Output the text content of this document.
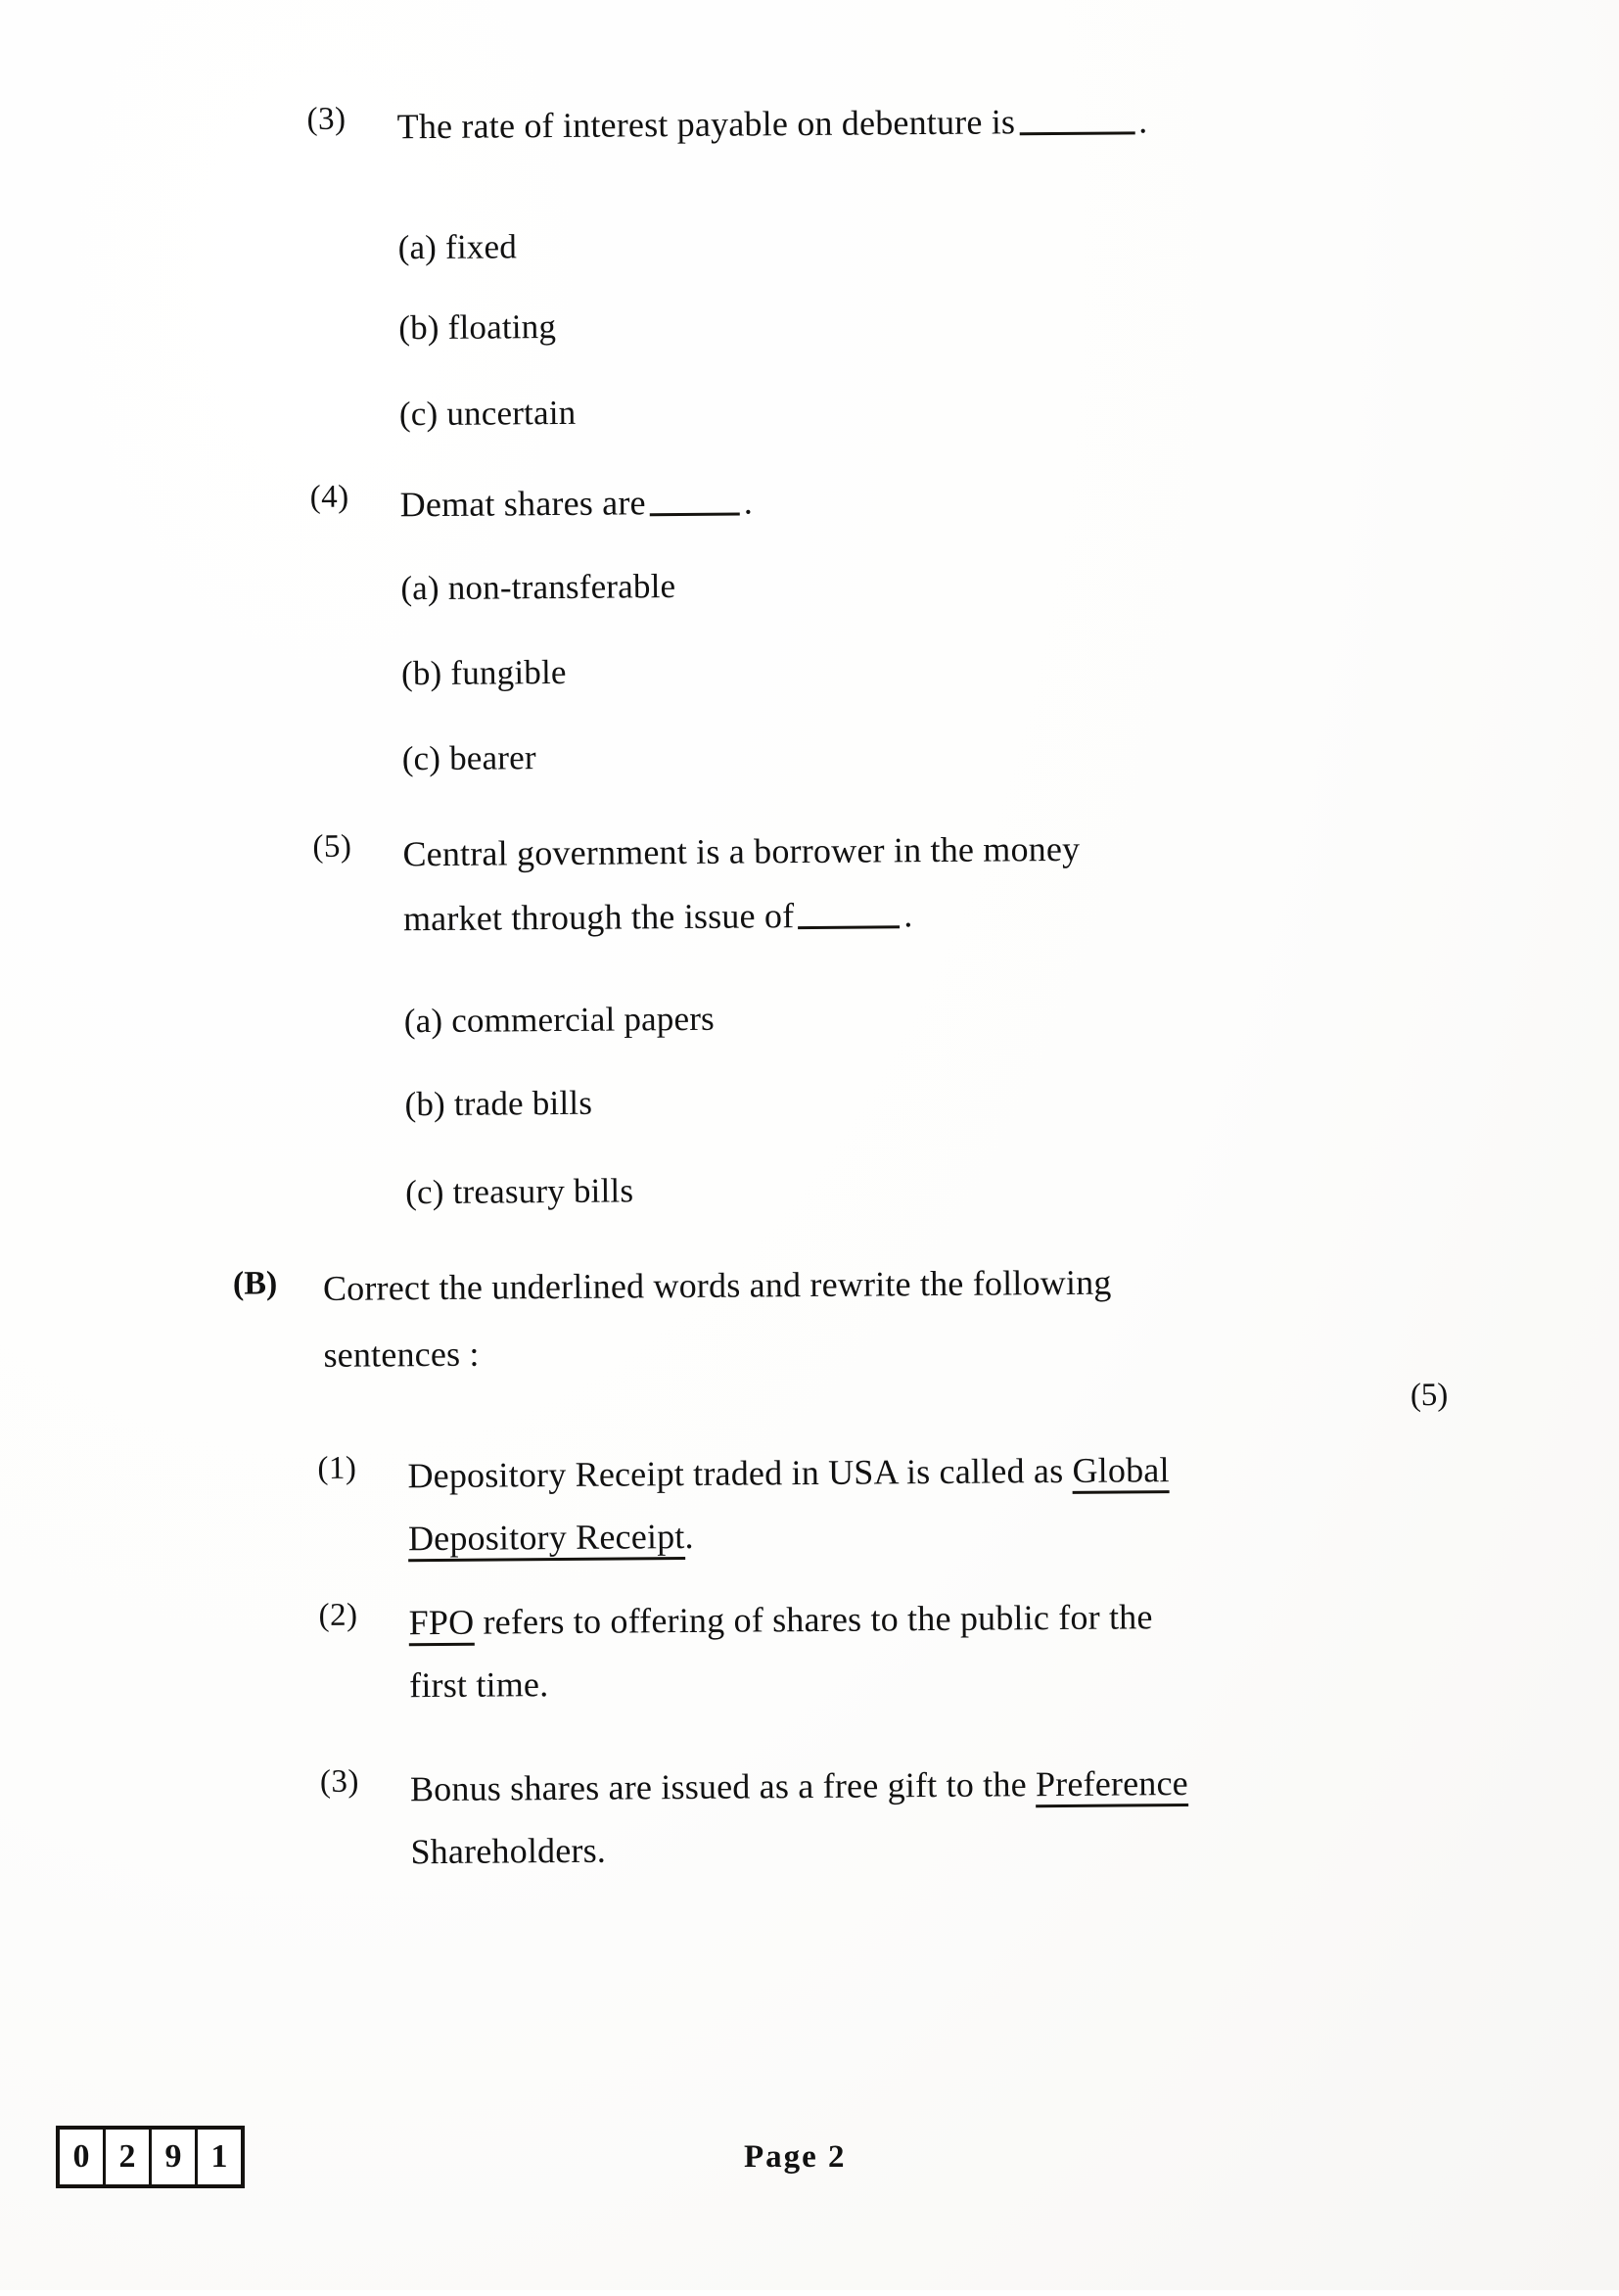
(3)	The rate of interest payable on debenture is	.
(a) fixed
(b) floating
(c) uncertain
(4)	Demat shares are	.
(a) non-transferable
(b) fungible
(c) bearer
(5)	Central government is a borrower in the money
market through the issue of	.
(a) commercial papers
(b) trade bills
(c) treasury bills
(B)	Correct the underlined words and rewrite the following
sentences :
(5)
(1)	Depository Receipt traded in USA is called as Global
Depository Receipt.
(2)	FPO refers to offering of shares to the public for the
first time.
(3)	Bonus shares are issued as a free gift to the Preference
Shareholders.
0 2 9 1	Page 2
